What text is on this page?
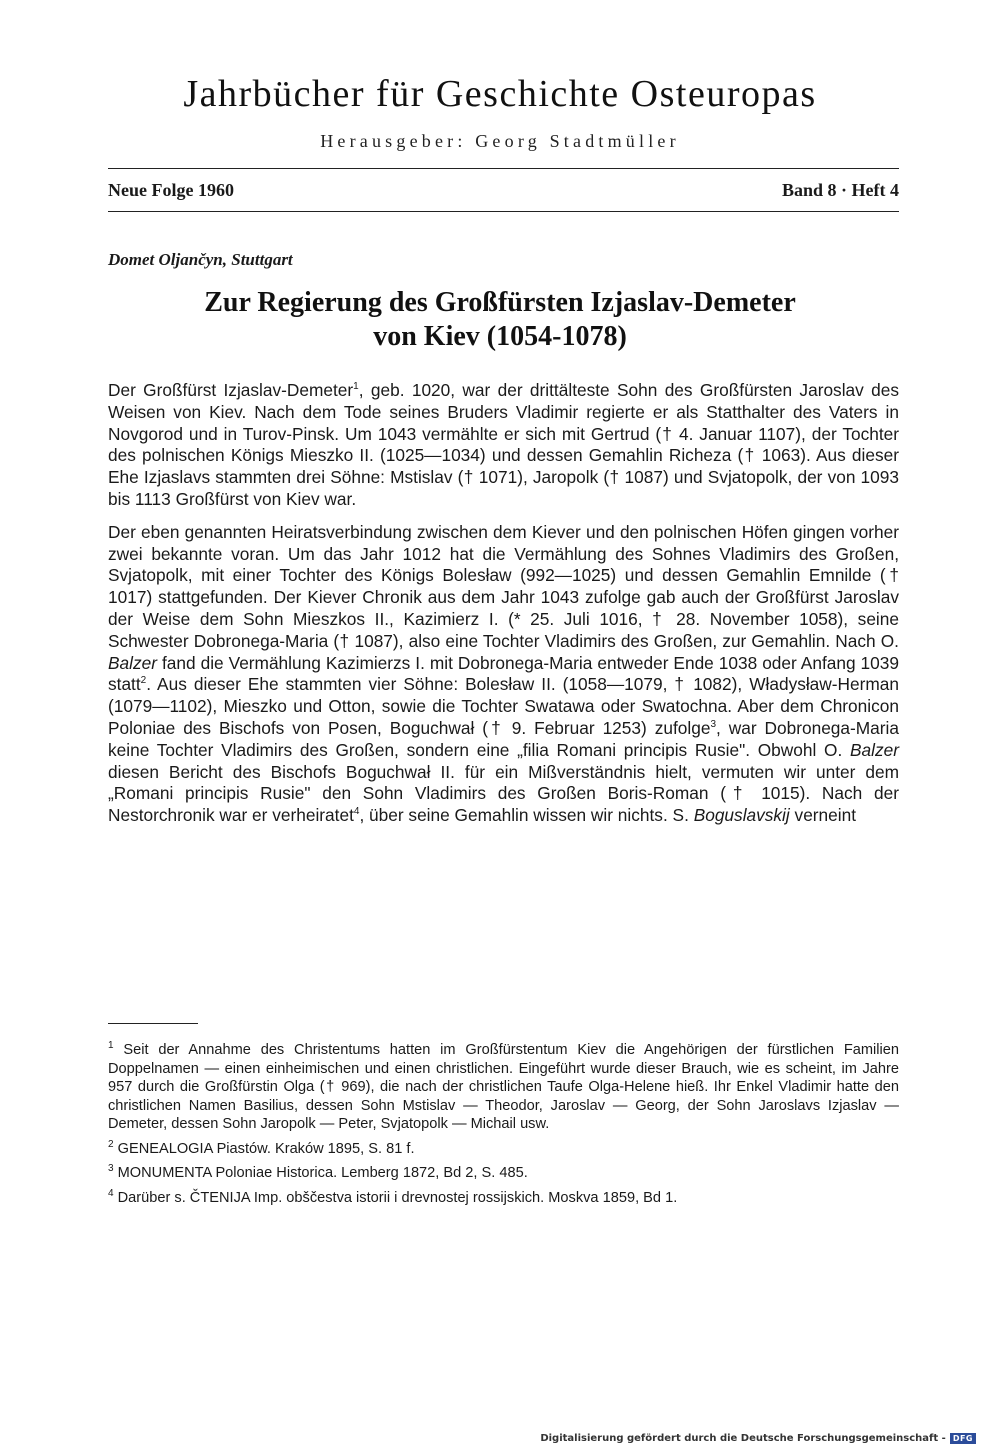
Jahrbücher für Geschichte Osteuropas
Herausgeber: Georg Stadtmüller
Neue Folge 1960	Band 8 · Heft 4
Domet Oljančyn, Stuttgart
Zur Regierung des Großfürsten Izjaslav-Demeter
von Kiev (1054-1078)

Der Großfürst Izjaslav-Demeter$^1$, geb. 1020, war der drittälteste Sohn des Großfürsten Jaroslav des Weisen von Kiev. Nach dem Tode seines Bruders Vladimir regierte er als Statthalter des Vaters in Novgorod und in Turov-Pinsk. Um 1043 vermählte er sich mit Gertrud († 4. Januar 1107), der Tochter des polnischen Königs Mieszko II. (1025—1034) und dessen Gemahlin Richeza († 1063). Aus dieser Ehe Izjaslavs stammten drei Söhne: Mstislav († 1071), Jaropolk († 1087) und Svjatopolk, der von 1093 bis 1113 Großfürst von Kiev war.

Der eben genannten Heiratsverbindung zwischen dem Kiever und den polnischen Höfen gingen vorher zwei bekannte voran. Um das Jahr 1012 hat die Vermählung des Sohnes Vladimirs des Großen, Svjatopolk, mit einer Tochter des Königs Bolesław (992—1025) und dessen Gemahlin Emnilde († 1017) stattgefunden. Der Kiever Chronik aus dem Jahr 1043 zufolge gab auch der Großfürst Jaroslav der Weise dem Sohn Mieszkos II., Kazimierz I. (* 25. Juli 1016, † 28. November 1058), seine Schwester Dobronega-Maria († 1087), also eine Tochter Vladimirs des Großen, zur Gemahlin. Nach O. Balzer fand die Vermählung Kazimierzs I. mit Dobronega-Maria entweder Ende 1038 oder Anfang 1039 statt$^2$. Aus dieser Ehe stammten vier Söhne: Bolesław II. (1058—1079, † 1082), Władysław-Herman (1079—1102), Mieszko und Otton, sowie die Tochter Swatawa oder Swatochna. Aber dem Chronicon Poloniae des Bischofs von Posen, Boguchwał († 9. Februar 1253) zufolge$^3$, war Dobronega-Maria keine Tochter Vladimirs des Großen, sondern eine „filia Romani principis Rusie". Obwohl O. Balzer diesen Bericht des Bischofs Boguchwał II. für ein Mißverständnis hielt, vermuten wir unter dem „Romani principis Rusie" den Sohn Vladimirs des Großen Boris-Roman († 1015). Nach der Nestorchronik war er verheiratet$^4$, über seine Gemahlin wissen wir nichts. S. Boguslavskij verneint

$^1$ Seit der Annahme des Christentums hatten im Großfürstentum Kiev die Angehörigen der fürstlichen Familien Doppelnamen — einen einheimischen und einen christlichen. Eingeführt wurde dieser Brauch, wie es scheint, im Jahre 957 durch die Großfürstin Olga († 969), die nach der christlichen Taufe Olga-Helene hieß. Ihr Enkel Vladimir hatte den christlichen Namen Basilius, dessen Sohn Mstislav — Theodor, Jaroslav — Georg, der Sohn Jaroslavs Izjaslav — Demeter, dessen Sohn Jaropolk — Peter, Svjatopolk — Michail usw.
$^2$ GENEALOGIA Piastów. Kraków 1895, S. 81 f.
$^3$ MONUMENTA Poloniae Historica. Lemberg 1872, Bd 2, S. 485.
$^4$ Darüber s. ČTENIJA Imp. obščestva istorii i drevnostej rossijskich. Moskva 1859, Bd 1.
Digitalisierung gefördert durch die Deutsche Forschungsgemeinschaft - DFG
